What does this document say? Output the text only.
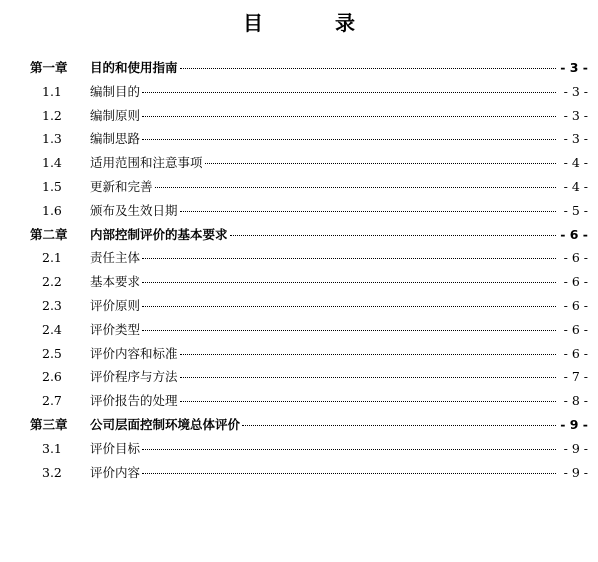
目　录
第一章	目的和使用指南	- 3 -
1.1	编制目的	- 3 -
1.2	编制原则	- 3 -
1.3	编制思路	- 3 -
1.4	适用范围和注意事项	- 4 -
1.5	更新和完善	- 4 -
1.6	颁布及生效日期	- 5 -
第二章	内部控制评价的基本要求	- 6 -
2.1	责任主体	- 6 -
2.2	基本要求	- 6 -
2.3	评价原则	- 6 -
2.4	评价类型	- 6 -
2.5	评价内容和标准	- 6 -
2.6	评价程序与方法	- 7 -
2.7	评价报告的处理	- 8 -
第三章	公司层面控制环境总体评价	- 9 -
3.1	评价目标	- 9 -
3.2	评价内容	- 9 -
